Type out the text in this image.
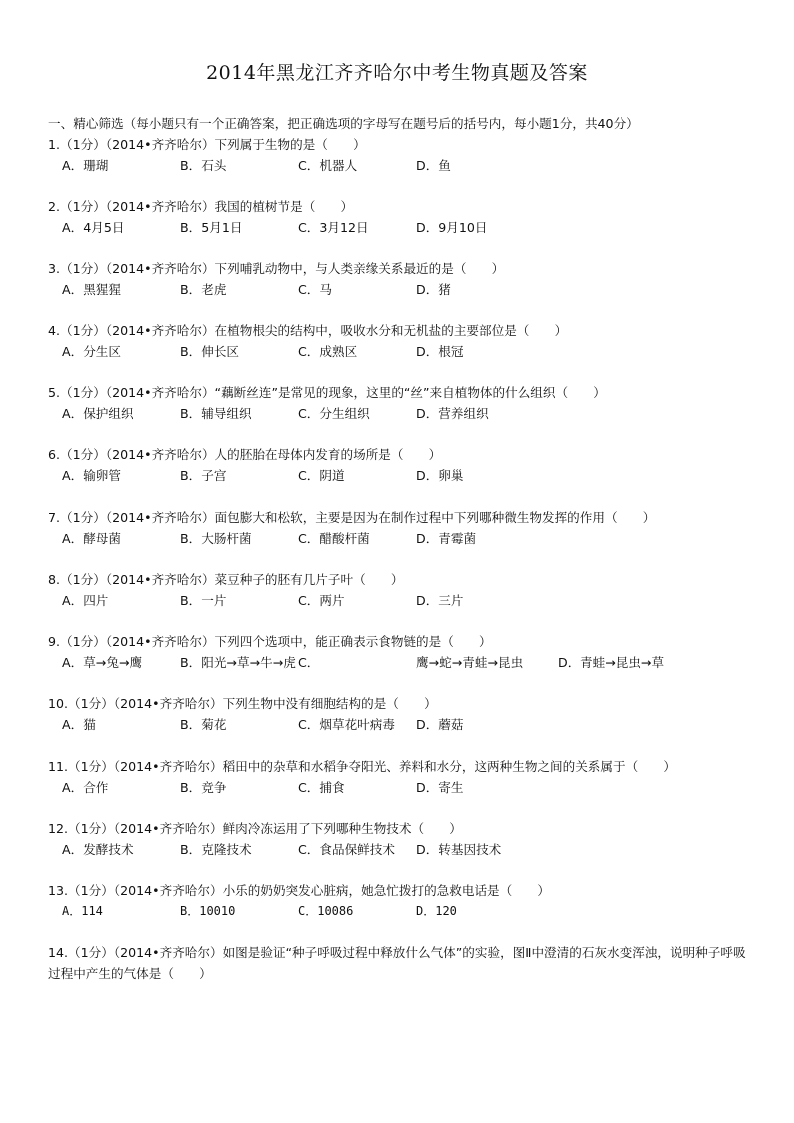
2014年黑龙江齐齐哈尔中考生物真题及答案
一、精心筛选（每小题只有一个正确答案，把正确选项的字母写在题号后的括号内，每小题1分，共40分）
1.（1分）（2014•齐齐哈尔）下列属于生物的是（　　）
A．珊瑚	B．石头	C．机器人	D．鱼
2.（1分）（2014•齐齐哈尔）我国的植树节是（　　）
A．4月5日	B．5月1日	C．3月12日	D．9月10日
3.（1分）（2014•齐齐哈尔）下列哺乳动物中，与人类亲缘关系最近的是（　　）
A．黑猩猩	B．老虎	C．马	D．猪
4.（1分）（2014•齐齐哈尔）在植物根尖的结构中，吸收水分和无机盐的主要部位是（　　）
A．分生区	B．伸长区	C．成熟区	D．根冠
5.（1分）（2014•齐齐哈尔）“藕断丝连”是常见的现象，这里的“丝”来自植物体的什么组织（　　）
A．保护组织	B．辅导组织	C．分生组织	D．营养组织
6.（1分）（2014•齐齐哈尔）人的胚胎在母体内发育的场所是（　　）
A．输卵管	B．子宫	C．阴道	D．卵巢
7.（1分）（2014•齐齐哈尔）面包膨大和松软，主要是因为在制作过程中下列哪种微生物发挥的作用（　　）
A．酵母菌	B．大肠杆菌	C．醋酸杆菌	D．青霉菌
8.（1分）（2014•齐齐哈尔）菜豆种子的胚有几片子叶（　　）
A．四片	B．一片	C．两片	D．三片
9.（1分）（2014•齐齐哈尔）下列四个选项中，能正确表示食物链的是（　　）
A．草→兔→鹰	B．阳光→草→牛→虎 C．	鹰→蛇→青蛙→昆虫	D． 青蛙→昆虫→草
10.（1分）（2014•齐齐哈尔）下列生物中没有细胞结构的是（　　）
A．猫	B．菊花	C．烟草花叶病毒 D．蘑菇
11.（1分）（2014•齐齐哈尔）稻田中的杂草和水稻争夺阳光、养料和水分，这两种生物之间的关系属于（　　）
A．合作	B．竞争	C．捕食	D．寄生
12.（1分）（2014•齐齐哈尔）鲜肉冷冻运用了下列哪种生物技术（　　）
A．发酵技术	B．克隆技术	C．食品保鲜技术 D．转基因技术
13.（1分）（2014•齐齐哈尔）小乐的奶奶突发心脏病，她急忙拨打的急救电话是（　　）
A．114	B．10010	C．10086	D．120
14.（1分）（2014•齐齐哈尔）如图是验证“种子呼吸过程中释放什么气体”的实验，图Ⅱ中澄清的石灰水变浑浊，说明种子呼吸过程中产生的气体是（　　）
